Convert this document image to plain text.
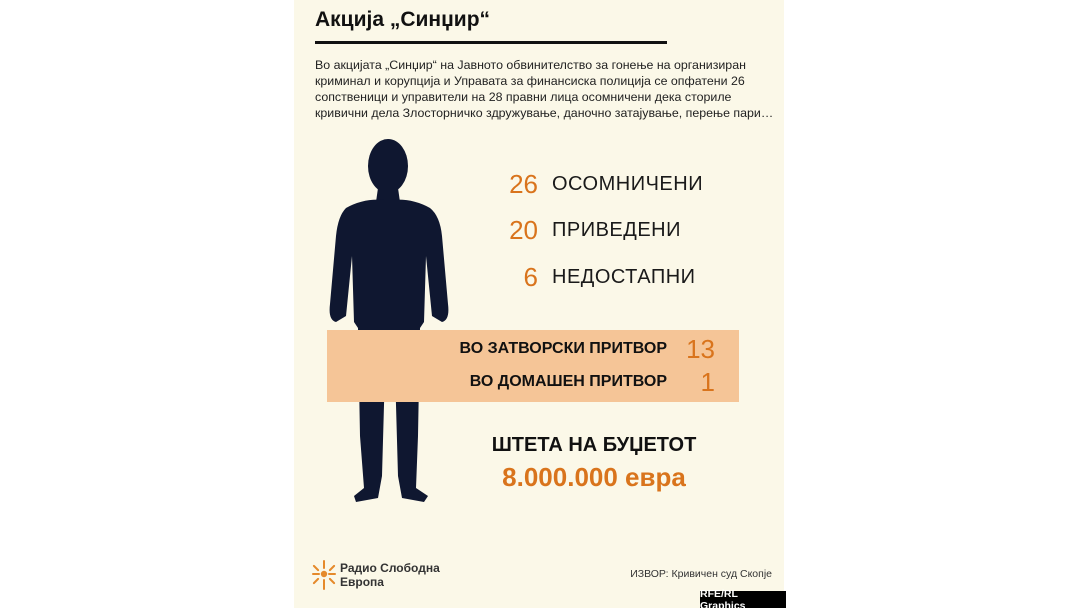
Акција „Синџир“

Во акцијата „Синџир“ на Јавното обвинителство за гонење на организиран криминал и корупција и Управата за финансиска полиција се опфатени 26 сопственици и управители на 28 правни лица осомничени дека сториле кривични дела Злосторничко здружување, даночно затајување, перење пари…

26 ОСОМНИЧЕНИ
20 ПРИВЕДЕНИ
6 НЕДОСТАПНИ
ВО ЗАТВОРСКИ ПРИТВОР 13
ВО ДОМАШЕН ПРИТВОР	1

ШТЕТА НА БУЏЕТОТ

8.000.000 евра

Радио Слободна
Европа
ИЗВОР: Кривичен суд Скопје
RFE/RL Graphics
